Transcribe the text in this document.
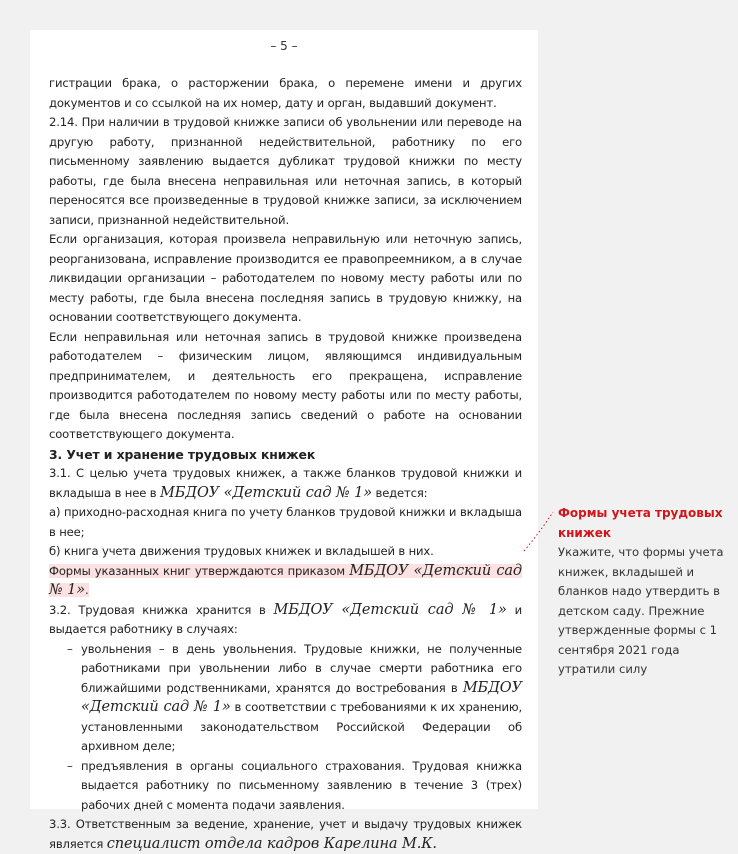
– 5 –

гистрации брака, о расторжении брака, о перемене имени и других документов и со ссылкой на их номер, дату и орган, выдавший документ.

2.14. При наличии в трудовой книжке записи об увольнении или переводе на другую работу, признанной недействительной, работнику по его письменному заявлению выдается дубликат трудовой книжки по месту работы, где была внесена неправильная или неточная запись, в который переносятся все произведенные в трудовой книжке записи, за исключением записи, признанной недействительной.

Если организация, которая произвела неправильную или неточную запись, реорганизована, исправление производится ее правопреемником, а в случае ликвидации организации – работодателем по новому месту работы или по месту работы, где была внесена последняя запись в трудовую книжку, на основании соответствующего документа.

Если неправильная или неточная запись в трудовой книжке произведена работодателем – физическим лицом, являющимся индивидуальным предпринимателем, и деятельность его прекращена, исправление производится работодателем по новому месту работы или по месту работы, где была внесена последняя запись сведений о работе на основании соответствующего документа.

3. Учет и хранение трудовых книжек

3.1. С целью учета трудовых книжек, а также бланков трудовой книжки и вкладыша в нее в МБДОУ «Детский сад № 1» ведется:

а) приходно-расходная книга по учету бланков трудовой книжки и вкладыша в нее;

б) книга учета движения трудовых книжек и вкладышей в них.

Формы указанных книг утверждаются приказом МБДОУ «Детский сад № 1».

3.2. Трудовая книжка хранится в МБДОУ «Детский сад № 1» и выдается работнику в случаях:

– увольнения – в день увольнения. Трудовые книжки, не полученные работниками при увольнении либо в случае смерти работника его ближайшими родственниками, хранятся до востребования в МБДОУ «Детский сад № 1» в соответствии с требованиями к их хранению, установленными законодательством Российской Федерации об архивном деле;

– предъявления в органы социального страхования. Трудовая книжка выдается работнику по письменному заявлению в течение 3 (трех) рабочих дней с момента подачи заявления.

3.3. Ответственным за ведение, хранение, учет и выдачу трудовых книжек является специалист отдела кадров Карелина М.К.

Формы учета трудовых книжек
Укажите, что формы учета книжек, вкладышей и бланков надо утвердить в детском саду. Прежние утвержденные формы с 1 сентября 2021 года утратили силу
